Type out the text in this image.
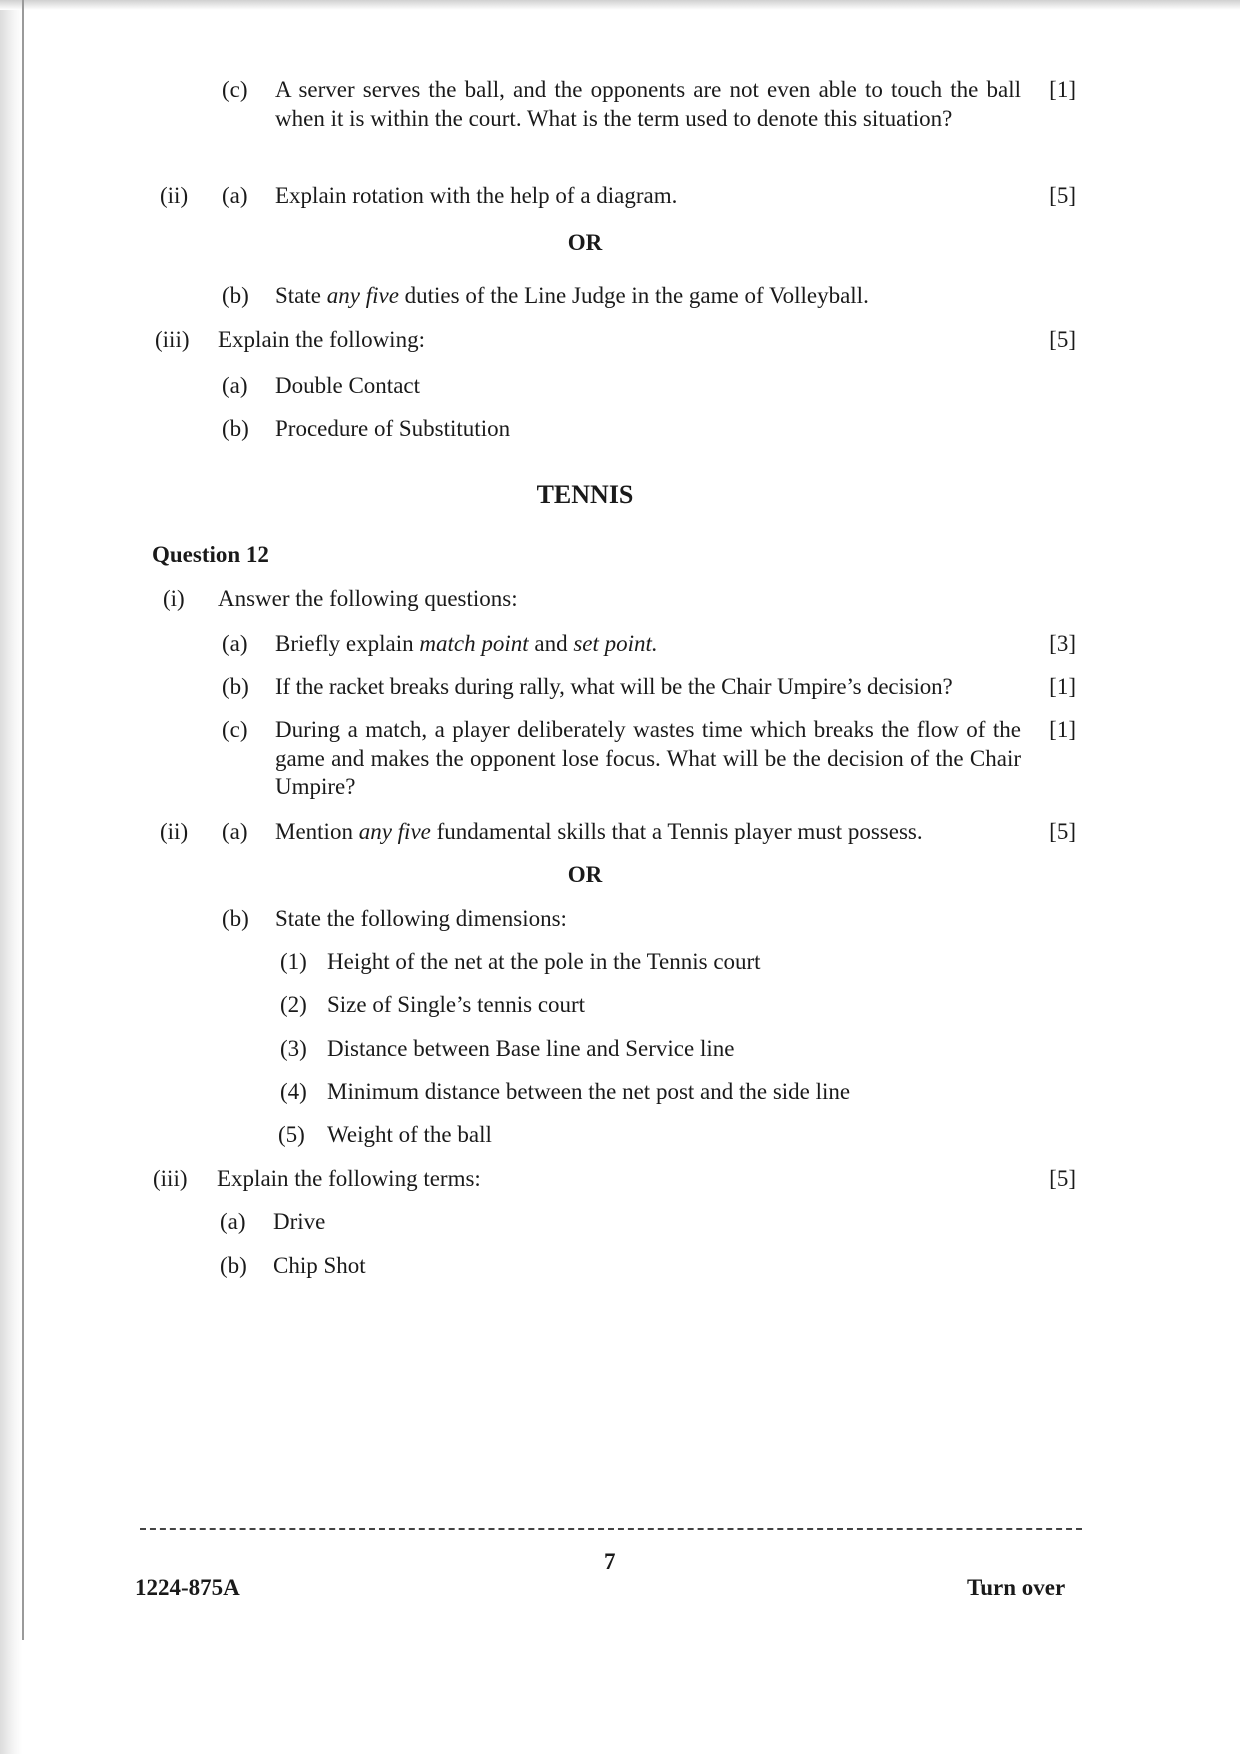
(c) A server serves the ball, and the opponents are not even able to touch the ball when it is within the court. What is the term used to denote this situation?
[1]
(ii) (a) Explain rotation with the help of a diagram.	[5]
OR
(b) State any five duties of the Line Judge in the game of Volleyball.
(iii) Explain the following:	[5]
(a) Double Contact
(b) Procedure of Substitution
TENNIS
Question 12
(i) Answer the following questions:
(a) Briefly explain match point and set point.	[3]
(b) If the racket breaks during rally, what will be the Chair Umpire’s decision?	[1]
(c) During a match, a player deliberately wastes time which breaks the flow of the game and makes the opponent lose focus. What will be the decision of the Chair Umpire?
[1]
(ii) (a) Mention any five fundamental skills that a Tennis player must possess.	[5]
OR
(b) State the following dimensions:
(1) Height of the net at the pole in the Tennis court
(2) Size of Single’s tennis court
(3) Distance between Base line and Service line
(4) Minimum distance between the net post and the side line
(5) Weight of the ball
(iii) Explain the following terms:	[5]
(a) Drive
(b) Chip Shot
7
1224-875A	Turn over
